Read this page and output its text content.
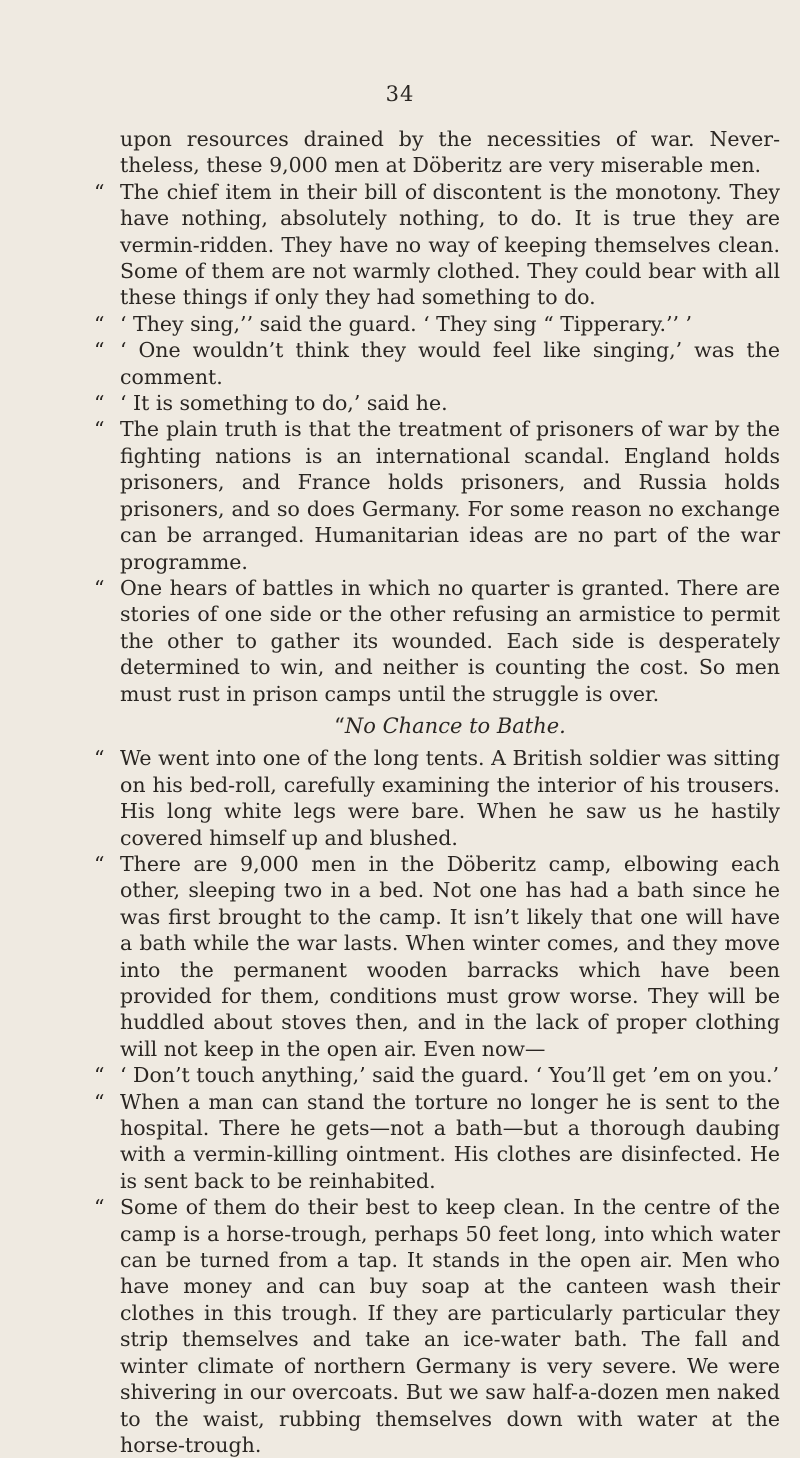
34

upon resources drained by the necessities of war. Nevertheless, these 9,000 men at Döberitz are very miserable men.

“ The chief item in their bill of discontent is the monotony. They have nothing, absolutely nothing, to do. It is true they are vermin-ridden. They have no way of keeping themselves clean. Some of them are not warmly clothed. They could bear with all these things if only they had something to do.

“ ‘ They sing,’’ said the guard. ‘ They sing “ Tipperary.’’ ’

“ ‘ One wouldn’t think they would feel like singing,’ was the comment.

“ ‘ It is something to do,’ said he.

“ The plain truth is that the treatment of prisoners of war by the fighting nations is an international scandal. England holds prisoners, and France holds prisoners, and Russia holds prisoners, and so does Germany. For some reason no exchange can be arranged. Humanitarian ideas are no part of the war programme.

“ One hears of battles in which no quarter is granted. There are stories of one side or the other refusing an armistice to permit the other to gather its wounded. Each side is desperately determined to win, and neither is counting the cost. So men must rust in prison camps until the struggle is over.

“ No Chance to Bathe.

“ We went into one of the long tents. A British soldier was sitting on his bed-roll, carefully examining the interior of his trousers. His long white legs were bare. When he saw us he hastily covered himself up and blushed.

“ There are 9,000 men in the Döberitz camp, elbowing each other, sleeping two in a bed. Not one has had a bath since he was first brought to the camp. It isn’t likely that one will have a bath while the war lasts. When winter comes, and they move into the permanent wooden barracks which have been provided for them, conditions must grow worse. They will be huddled about stoves then, and in the lack of proper clothing will not keep in the open air. Even now—

“ ‘ Don’t touch anything,’ said the guard. ‘ You’ll get ’em on you.’

“ When a man can stand the torture no longer he is sent to the hospital. There he gets—not a bath—but a thorough daubing with a vermin-killing ointment. His clothes are disinfected. He is sent back to be reinhabited.

“ Some of them do their best to keep clean. In the centre of the camp is a horse-trough, perhaps 50 feet long, into which water can be turned from a tap. It stands in the open air. Men who have money and can buy soap at the canteen wash their clothes in this trough. If they are particularly particular they strip themselves and take an ice-water bath. The fall and winter climate of northern Germany is very severe. We were shivering in our overcoats. But we saw half-a-dozen men naked to the waist, rubbing themselves down with water at the horse-trough.
